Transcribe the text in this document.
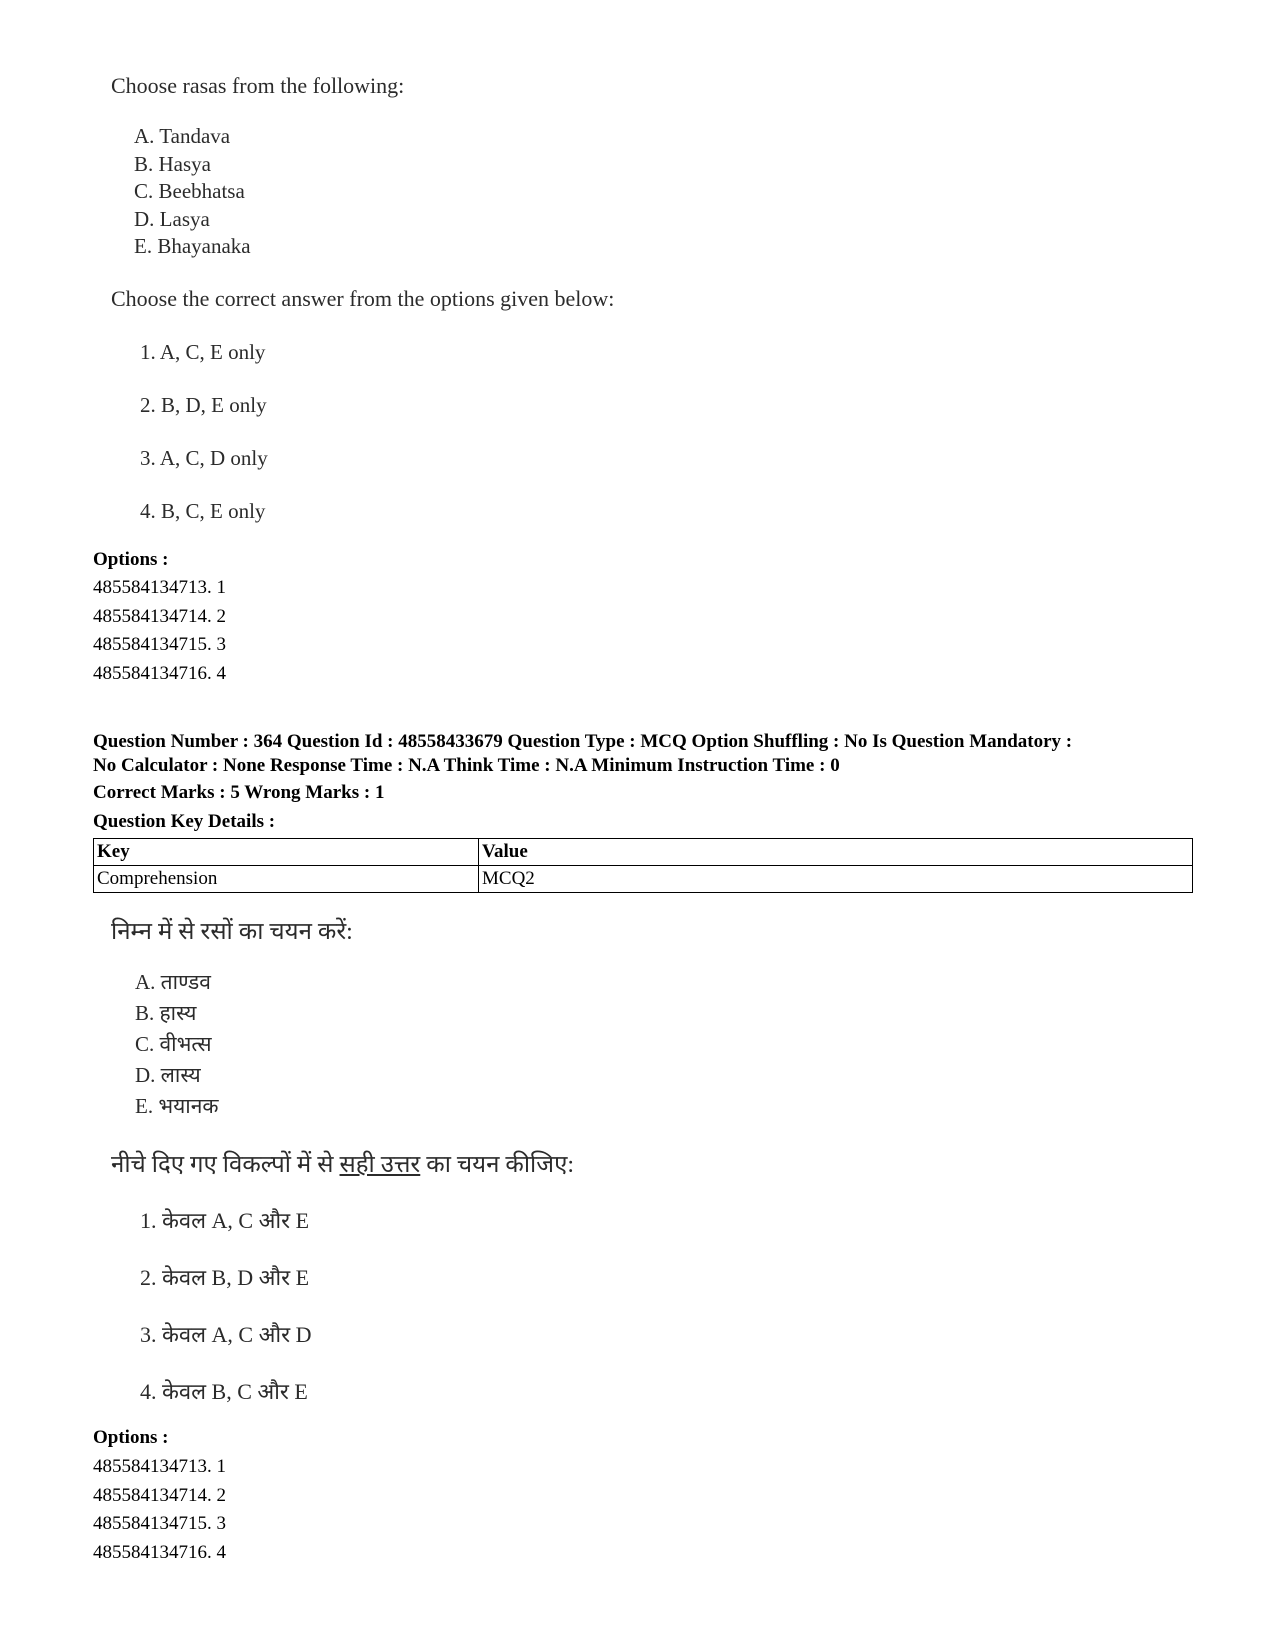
Choose rasas from the following:
A. Tandava
B. Hasya
C. Beebhatsa
D. Lasya
E. Bhayanaka
Choose the correct answer from the options given below:
1. A, C, E only
2. B, D, E only
3. A, C, D only
4. B, C, E only
Options :
485584134713. 1
485584134714. 2
485584134715. 3
485584134716. 4
Question Number : 364 Question Id : 48558433679 Question Type : MCQ Option Shuffling : No Is Question Mandatory :
No Calculator : None Response Time : N.A Think Time : N.A Minimum Instruction Time : 0
Correct Marks : 5 Wrong Marks : 1
Question Key Details :
Key	Value
Comprehension	MCQ2
निम्न में से रसों का चयन करें:
A. ताण्डव
B. हास्य
C. वीभत्स
D. लास्य
E. भयानक
नीचे दिए गए विकल्पों में से सही उत्तर का चयन कीजिए:
1. केवल A, C और E
2. केवल B, D और E
3. केवल A, C और D
4. केवल B, C और E
Options :
485584134713. 1
485584134714. 2
485584134715. 3
485584134716. 4
